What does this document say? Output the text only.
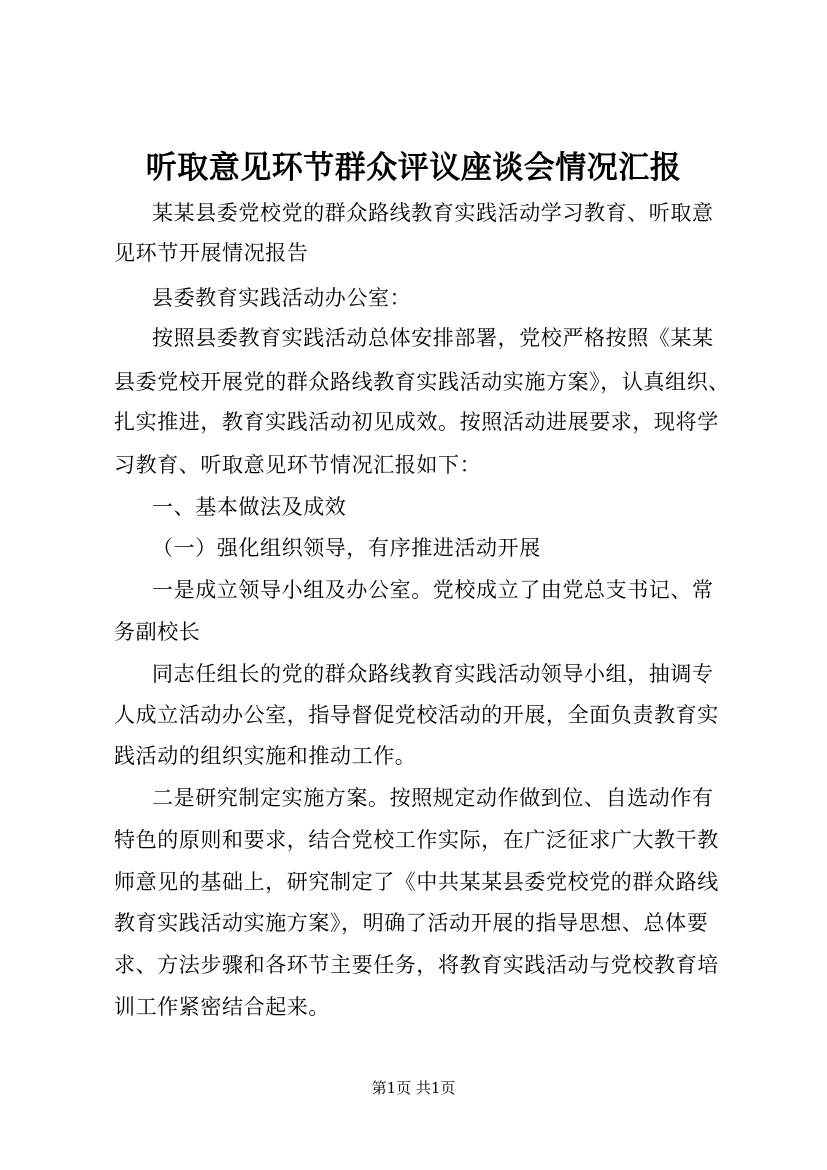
听取意见环节群众评议座谈会情况汇报
某某县委党校党的群众路线教育实践活动学习教育、听取意
见环节开展情况报告
县委教育实践活动办公室：
按照县委教育实践活动总体安排部署，党校严格按照《某某
县委党校开展党的群众路线教育实践活动实施方案》，认真组织、
扎实推进，教育实践活动初见成效。按照活动进展要求，现将学
习教育、听取意见环节情况汇报如下：
一、基本做法及成效
（一）强化组织领导，有序推进活动开展
一是成立领导小组及办公室。党校成立了由党总支书记、常
务副校长
同志任组长的党的群众路线教育实践活动领导小组，抽调专
人成立活动办公室，指导督促党校活动的开展，全面负责教育实
践活动的组织实施和推动工作。
二是研究制定实施方案。按照规定动作做到位、自选动作有
特色的原则和要求，结合党校工作实际，在广泛征求广大教干教
师意见的基础上，研究制定了《中共某某县委党校党的群众路线
教育实践活动实施方案》，明确了活动开展的指导思想、总体要
求、方法步骤和各环节主要任务，将教育实践活动与党校教育培
训工作紧密结合起来。
第1页 共1页
